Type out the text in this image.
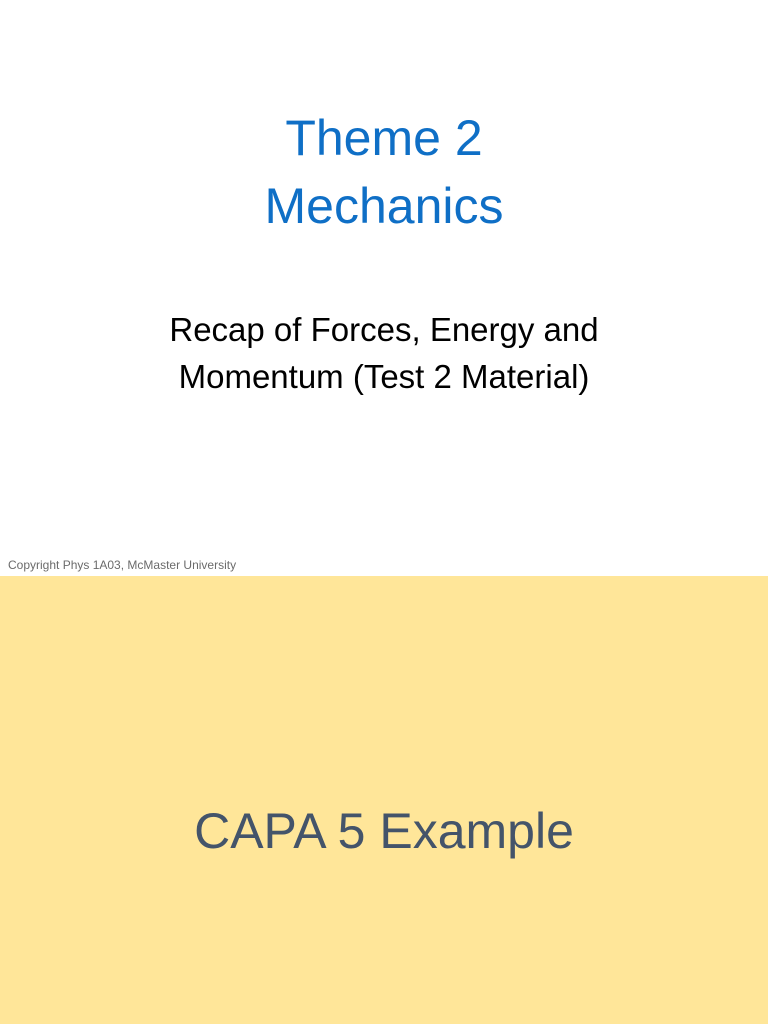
Theme 2
Mechanics
Recap of Forces, Energy and
Momentum (Test 2 Material)
Copyright Phys 1A03, McMaster University
CAPA 5 Example
